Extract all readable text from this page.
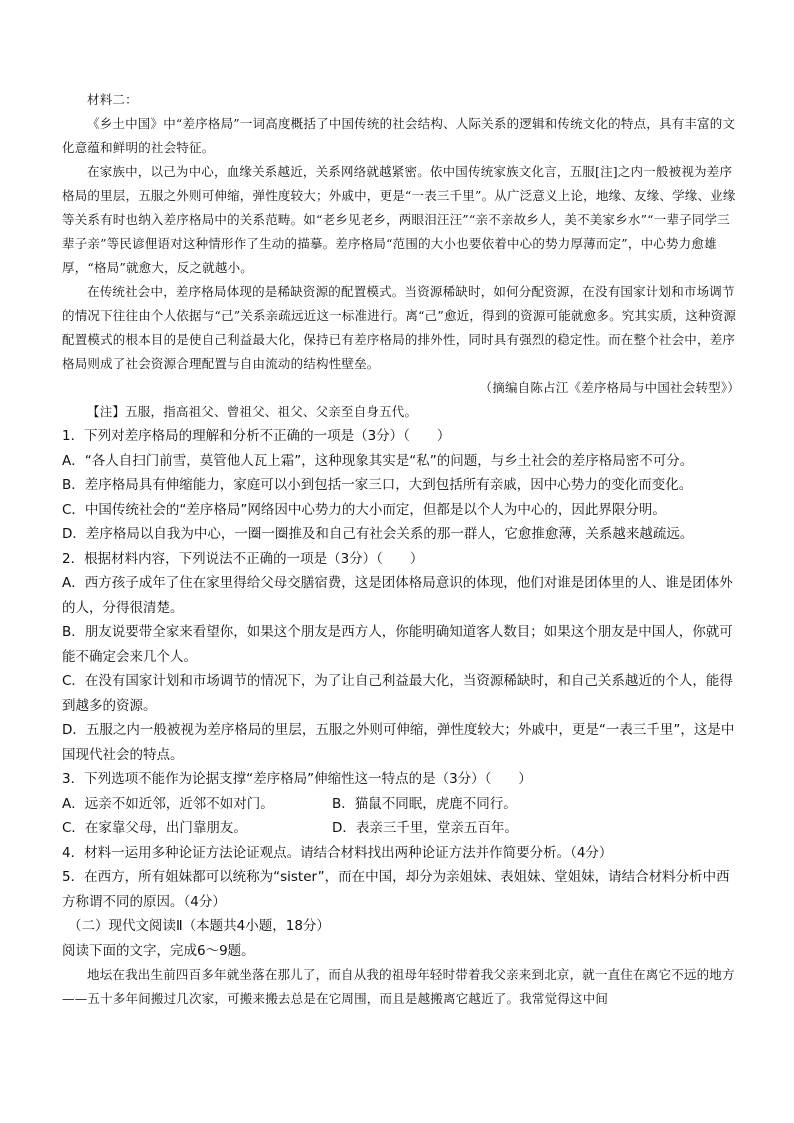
材料二：

《乡土中国》中“差序格局”一词高度概括了中国传统的社会结构、人际关系的逻辑和传统文化的特点，具有丰富的文化意蕴和鲜明的社会特征。

在家族中，以己为中心，血缘关系越近，关系网络就越紧密。依中国传统家族文化言，五服[注]之内一般被视为差序格局的里层，五服之外则可伸缩，弹性度较大；外戚中，更是“一表三千里”。从广泛意义上论，地缘、友缘、学缘、业缘等关系有时也纳入差序格局中的关系范畴。如“老乡见老乡，两眼泪汪汪”“亲不亲故乡人，美不美家乡水”“一辈子同学三辈子亲”等民谚俚语对这种情形作了生动的描摹。差序格局“范围的大小也要依着中心的势力厚薄而定”，中心势力愈雄厚，“格局”就愈大，反之就越小。

在传统社会中，差序格局体现的是稀缺资源的配置模式。当资源稀缺时，如何分配资源，在没有国家计划和市场调节的情况下往往由个人依据与“己”关系亲疏远近这一标准进行。离“己”愈近，得到的资源可能就愈多。究其实质，这种资源配置模式的根本目的是使自己利益最大化，保持已有差序格局的排外性，同时具有强烈的稳定性。而在整个社会中，差序格局则成了社会资源合理配置与自由流动的结构性壁垒。

（摘编自陈占江《差序格局与中国社会转型》）

【注】五服，指高祖父、曾祖父、祖父、父亲至自身五代。

1．下列对差序格局的理解和分析不正确的一项是（3分）（　　）

A．“各人自扫门前雪，莫管他人瓦上霜”，这种现象其实是“私”的问题，与乡土社会的差序格局密不可分。

B．差序格局具有伸缩能力，家庭可以小到包括一家三口，大到包括所有亲戚，因中心势力的变化而变化。

C．中国传统社会的“差序格局”网络因中心势力的大小而定，但都是以个人为中心的，因此界限分明。

D．差序格局以自我为中心，一圈一圈推及和自己有社会关系的那一群人，它愈推愈薄，关系越来越疏远。

2．根据材料内容，下列说法不正确的一项是（3分）（　　）

A．西方孩子成年了住在家里得给父母交膳宿费，这是团体格局意识的体现，他们对谁是团体里的人、谁是团体外的人，分得很清楚。

B．朋友说要带全家来看望你，如果这个朋友是西方人，你能明确知道客人数目；如果这个朋友是中国人，你就可能不确定会来几个人。

C．在没有国家计划和市场调节的情况下，为了让自己利益最大化，当资源稀缺时，和自己关系越近的个人，能得到越多的资源。

D．五服之内一般被视为差序格局的里层，五服之外则可伸缩，弹性度较大；外戚中，更是“一表三千里”，这是中国现代社会的特点。

3．下列选项不能作为论据支撑“差序格局”伸缩性这一特点的是（3分）（　　）

A．远亲不如近邻，近邻不如对门。	B．猫鼠不同眠，虎鹿不同行。
C．在家靠父母，出门靠朋友。	D．表亲三千里，堂亲五百年。

4．材料一运用多种论证方法论证观点。请结合材料找出两种论证方法并作简要分析。（4分）

5．在西方，所有姐妹都可以统称为“sister”，而在中国，却分为亲姐妹、表姐妹、堂姐妹，请结合材料分析中西方称谓不同的原因。（4分）

（二）现代文阅读Ⅱ（本题共4小题，18分）

阅读下面的文字，完成6～9题。

地坛在我出生前四百多年就坐落在那儿了，而自从我的祖母年轻时带着我父亲来到北京，就一直住在离它不远的地方——五十多年间搬过几次家，可搬来搬去总是在它周围，而且是越搬离它越近了。我常觉得这中间
